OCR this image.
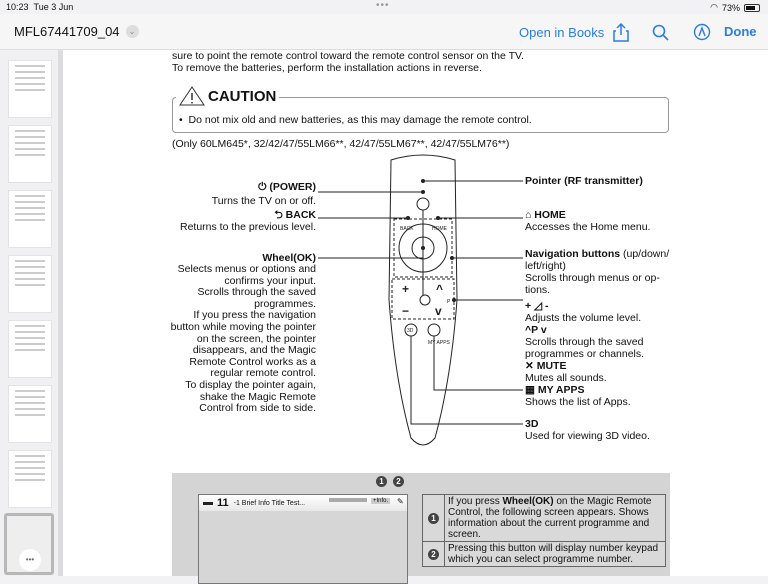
10:23 Tue 3 Jun	•••	◠ 73%
MFL67441709_04	⌄	Open in Books	Done
•••
sure to point the remote control toward the remote control sensor on the TV.
To remove the batteries, perform the installation actions in reverse.
•  Do not mix old and new batteries, as this may damage the remote control.
CAUTION
(Only 60LM645*, 32/42/47/55LM66**, 42/47/55LM67**, 42/47/55LM76**)
⏻ (POWER)
Turns the TV on or off.
⮌ BACK
Returns to the previous level.
Wheel(OK)
Selects menus or options and
confirms your input.
Scrolls through the saved
programmes.
If you press the navigation
button while moving the pointer
on the screen, the pointer
disappears, and the Magic
Remote Control works as a
regular remote control.
To display the pointer again,
shake the Magic Remote
Control from side to side.
Pointer (RF transmitter)
⌂ HOME
Accesses the Home menu.
Navigation buttons (up/down/
left/right)
Scrolls through menus or op-
tions.
+ ◿ -
Adjusts the volume level.
^P v
Scrolls through the saved
programmes or channels.
✕ MUTE
Mutes all sounds.
▦ MY APPS
Shows the list of Apps.
3D
Used for viewing 3D video.
BACK	HOME
P
MY APPS
3D
+
−
^
v
1	2
11 -1 Brief Info Title Test...	+Info. ✎
1	If you press Wheel(OK) on the Magic Remote Control, the following screen appears. Shows information about the current programme and screen.
2	Pressing this button will display number keypad which you can select programme number.
